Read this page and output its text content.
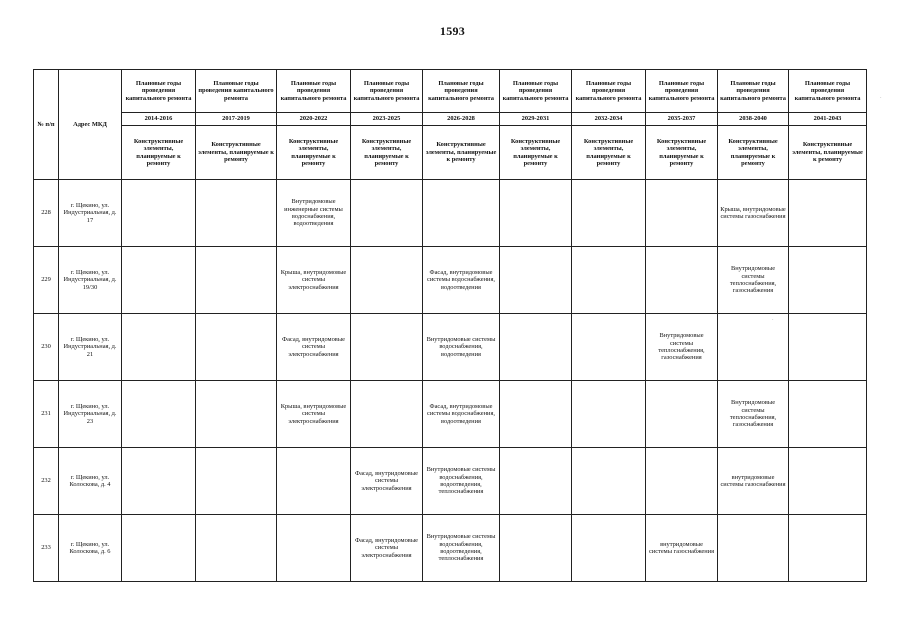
1593
№ п/п	Адрес МКД	Плановые годы проведения капитального ремонта	Плановые годы проведения капитального ремонта	Плановые годы проведения капитального ремонта	Плановые годы проведения капитального ремонта	Плановые годы проведения капитального ремонта	Плановые годы проведения капитального ремонта	Плановые годы проведения капитального ремонта	Плановые годы проведения капитального ремонта	Плановые годы проведения капитального ремонта	Плановые годы проведения капитального ремонта
		2014-2016	2017-2019	2020-2022	2023-2025	2026-2028	2029-2031	2032-2034	2035-2037	2038-2040	2041-2043
		Конструктивные элементы, планируемые к ремонту	Конструктивные элементы, планируемые к ремонту	Конструктивные элементы, планируемые к ремонту	Конструктивные элементы, планируемые к ремонту	Конструктивные элементы, планируемые к ремонту	Конструктивные элементы, планируемые к ремонту	Конструктивные элементы, планируемые к ремонту	Конструктивные элементы, планируемые к ремонту	Конструктивные элементы, планируемые к ремонту	Конструктивные элементы, планируемые к ремонту
228	г. Щекино, ул. Индустриальная, д. 17			Внутридомовые инженерные системы водоснабжения, водоотведения						Крыша, внутридомовые системы газоснабжения	
229	г. Щекино, ул. Индустриальная, д. 19/30			Крыша, внутридомовые системы электроснабжения		Фасад, внутридомовые системы водоснабжения, водоотведения				Внутридомовые системы теплоснабжения, газоснабжения	
230	г. Щекино, ул. Индустриальная, д. 21			Фасад, внутридомовые системы электроснабжения		Внутридомовые системы водоснабжения, водоотведения			Внутридомовые системы теплоснабжения, газоснабжения		
231	г. Щекино, ул. Индустриальная, д. 23			Крыша, внутридомовые системы электроснабжения		Фасад, внутридомовые системы водоснабжения, водоотведения				Внутридомовые системы теплоснабжения, газоснабжения	
232	г. Щекино, ул. Колоскова, д. 4				Фасад, внутридомовые системы электроснабжения	Внутридомовые системы водоснабжения, водоотведения, теплоснабжения				внутридомовые системы газоснабжения	
233	г. Щекино, ул. Колоскова, д. 6				Фасад, внутридомовые системы электроснабжения	Внутридомовые системы водоснабжения, водоотведения, теплоснабжения			внутридомовые системы газоснабжения		
·
·
